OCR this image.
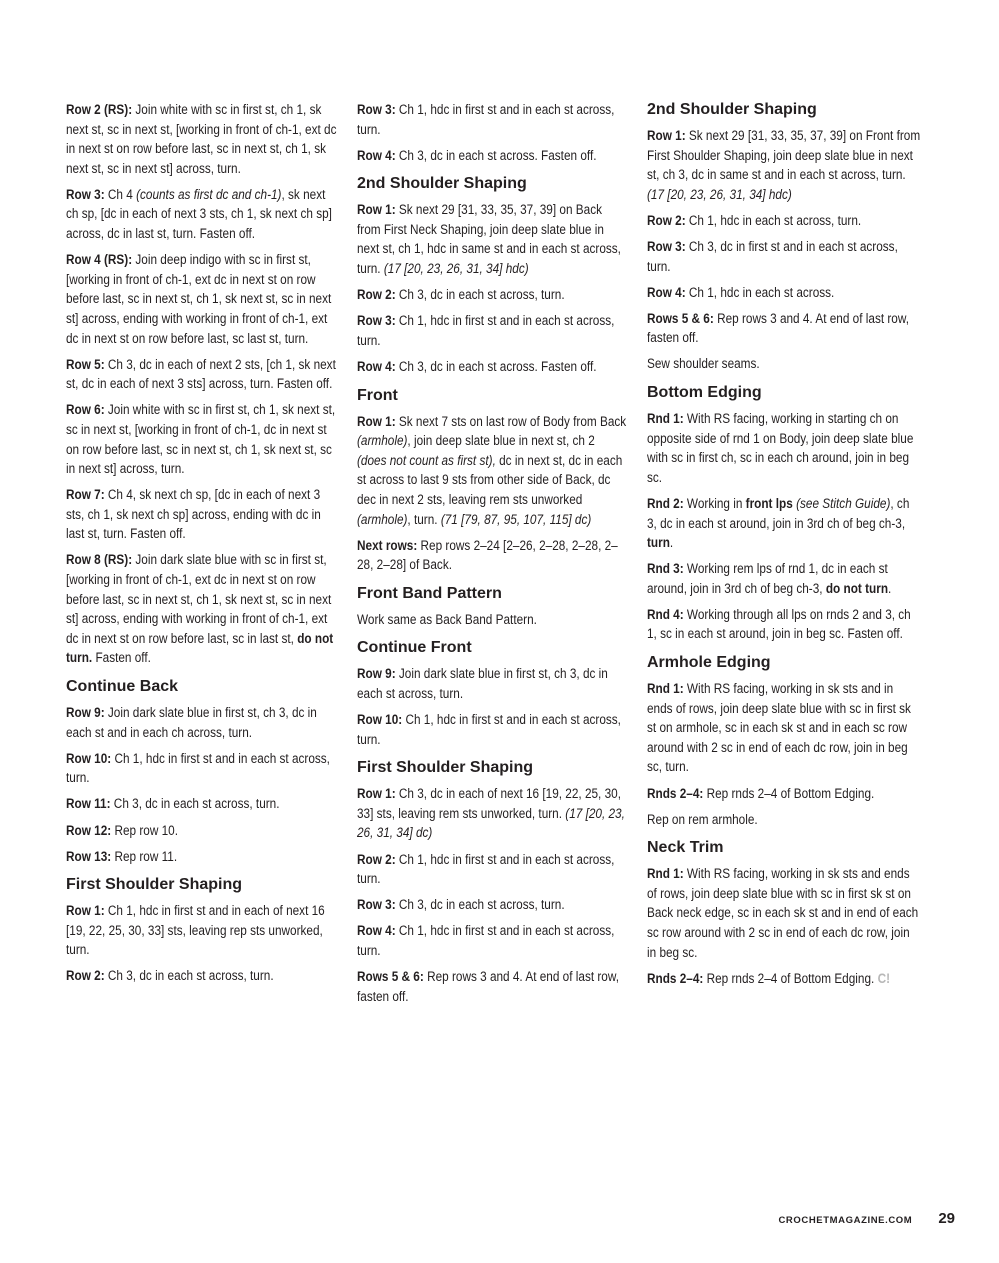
Row 2 (RS): Join white with sc in first st, ch 1, sk next st, sc in next st, [working in front of ch-1, ext dc in next st on row before last, sc in next st, ch 1, sk next st, sc in next st] across, turn.

Row 3: Ch 4 (counts as first dc and ch-1), sk next ch sp, [dc in each of next 3 sts, ch 1, sk next ch sp] across, dc in last st, turn. Fasten off.

Row 4 (RS): Join deep indigo with sc in first st, [working in front of ch-1, ext dc in next st on row before last, sc in next st, ch 1, sk next st, sc in next st] across, ending with working in front of ch-1, ext dc in next st on row before last, sc last st, turn.

Row 5: Ch 3, dc in each of next 2 sts, [ch 1, sk next st, dc in each of next 3 sts] across, turn. Fasten off.

Row 6: Join white with sc in first st, ch 1, sk next st, sc in next st, [working in front of ch-1, dc in next st on row before last, sc in next st, ch 1, sk next st, sc in next st] across, turn.

Row 7: Ch 4, sk next ch sp, [dc in each of next 3 sts, ch 1, sk next ch sp] across, ending with dc in last st, turn. Fasten off.

Row 8 (RS): Join dark slate blue with sc in first st, [working in front of ch-1, ext dc in next st on row before last, sc in next st, ch 1, sk next st, sc in next st] across, ending with working in front of ch-1, ext dc in next st on row before last, sc in last st, do not turn. Fasten off.

Continue Back

Row 9: Join dark slate blue in first st, ch 3, dc in each st and in each ch across, turn.

Row 10: Ch 1, hdc in first st and in each st across, turn.

Row 11: Ch 3, dc in each st across, turn.

Row 12: Rep row 10.

Row 13: Rep row 11.

First Shoulder Shaping

Row 1: Ch 1, hdc in first st and in each of next 16 [19, 22, 25, 30, 33] sts, leaving rep sts unworked, turn.

Row 2: Ch 3, dc in each st across, turn.

Row 3: Ch 1, hdc in first st and in each st across, turn.

Row 4: Ch 3, dc in each st across. Fasten off.

2nd Shoulder Shaping

Row 1: Sk next 29 [31, 33, 35, 37, 39] on Back from First Neck Shaping, join deep slate blue in next st, ch 1, hdc in same st and in each st across, turn. (17 [20, 23, 26, 31, 34] hdc)

Row 2: Ch 3, dc in each st across, turn.

Row 3: Ch 1, hdc in first st and in each st across, turn.

Row 4: Ch 3, dc in each st across. Fasten off.

Front

Row 1: Sk next 7 sts on last row of Body from Back (armhole), join deep slate blue in next st, ch 2 (does not count as first st), dc in next st, dc in each st across to last 9 sts from other side of Back, dc dec in next 2 sts, leaving rem sts unworked (armhole), turn. (71 [79, 87, 95, 107, 115] dc)

Next rows: Rep rows 2–24 [2–26, 2–28, 2–28, 2–28, 2–28] of Back.

Front Band Pattern

Work same as Back Band Pattern.

Continue Front

Row 9: Join dark slate blue in first st, ch 3, dc in each st across, turn.

Row 10: Ch 1, hdc in first st and in each st across, turn.

First Shoulder Shaping

Row 1: Ch 3, dc in each of next 16 [19, 22, 25, 30, 33] sts, leaving rem sts unworked, turn. (17 [20, 23, 26, 31, 34] dc)

Row 2: Ch 1, hdc in first st and in each st across, turn.

Row 3: Ch 3, dc in each st across, turn.

Row 4: Ch 1, hdc in first st and in each st across, turn.

Rows 5 & 6: Rep rows 3 and 4. At end of last row, fasten off.

2nd Shoulder Shaping

Row 1: Sk next 29 [31, 33, 35, 37, 39] on Front from First Shoulder Shaping, join deep slate blue in next st, ch 3, dc in same st and in each st across, turn. (17 [20, 23, 26, 31, 34] hdc)

Row 2: Ch 1, hdc in each st across, turn.

Row 3: Ch 3, dc in first st and in each st across, turn.

Row 4: Ch 1, hdc in each st across.

Rows 5 & 6: Rep rows 3 and 4. At end of last row, fasten off.

Sew shoulder seams.

Bottom Edging

Rnd 1: With RS facing, working in starting ch on opposite side of rnd 1 on Body, join deep slate blue with sc in first ch, sc in each ch around, join in beg sc.

Rnd 2: Working in front lps (see Stitch Guide), ch 3, dc in each st around, join in 3rd ch of beg ch-3, turn.

Rnd 3: Working rem lps of rnd 1, dc in each st around, join in 3rd ch of beg ch-3, do not turn.

Rnd 4: Working through all lps on rnds 2 and 3, ch 1, sc in each st around, join in beg sc. Fasten off.

Armhole Edging

Rnd 1: With RS facing, working in sk sts and in ends of rows, join deep slate blue with sc in first sk st on armhole, sc in each sk st and in each sc row around with 2 sc in end of each dc row, join in beg sc, turn.

Rnds 2–4: Rep rnds 2–4 of Bottom Edging.

Rep on rem armhole.

Neck Trim

Rnd 1: With RS facing, working in sk sts and ends of rows, join deep slate blue with sc in first sk st on Back neck edge, sc in each sk st and in end of each sc row around with 2 sc in end of each dc row, join in beg sc.

Rnds 2–4: Rep rnds 2–4 of Bottom Edging. C!

CROCHETMAGAZINE.COM 29
